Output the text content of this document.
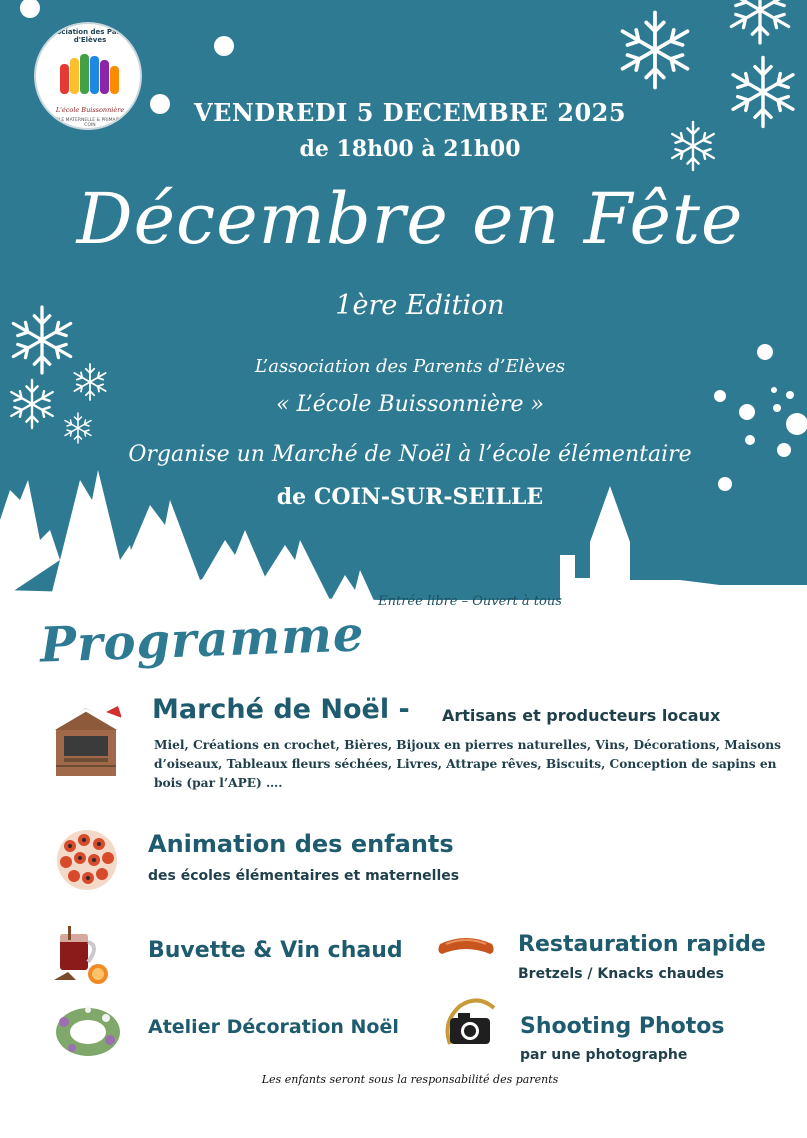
Association des Parents d'Elèves
L'école Buissonnière
ÉCOLE MATERNELLE & PRIMAIRE DE COIN	VENDREDI 5 DECEMBRE 2025
de 18h00 à 21h00
Décembre en Fête
1ère Edition
L’association des Parents d’Elèves
« L’école Buissonnière »
Organise un Marché de Noël à l’école élémentaire
de COIN-SUR-SEILLE
Entrée libre – Ouvert à tous
Programme
Marché de Noël - Artisans et producteurs locaux
Miel, Créations en crochet, Bières, Bijoux en pierres naturelles, Vins, Décorations, Maisons d’oiseaux, Tableaux fleurs séchées, Livres, Attrape rêves, Biscuits, Conception de sapins en bois (par l’APE) ….
Animation des enfants
des écoles élémentaires et maternelles
Buvette & Vin chaud	Restauration rapide
Bretzels / Knacks chaudes
Atelier Décoration Noël	Shooting Photos
par une photographe
Les enfants seront sous la responsabilité des parents
